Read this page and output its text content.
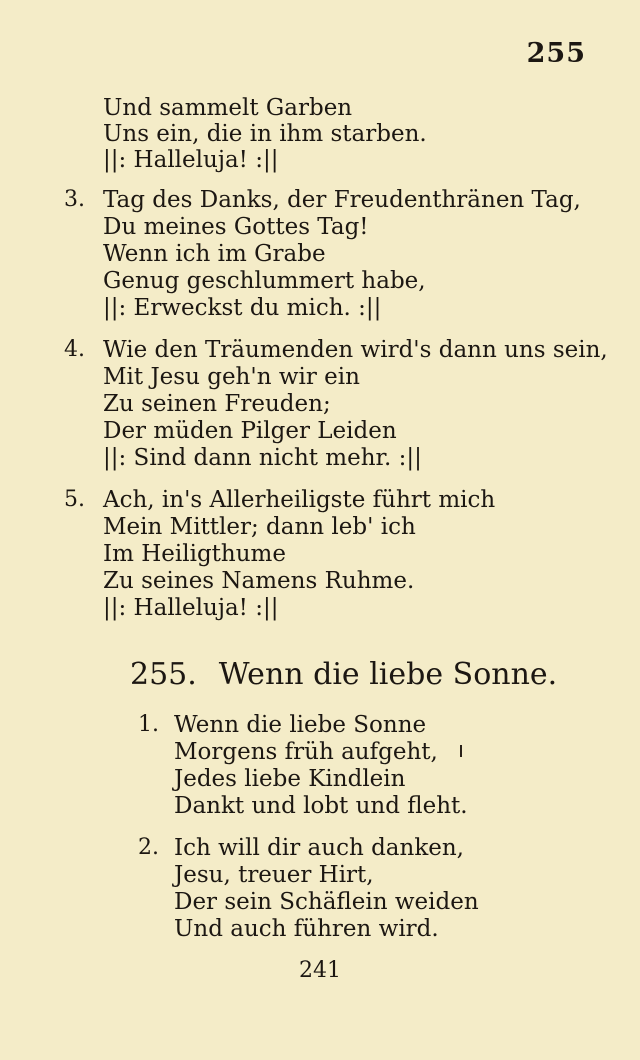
255
Und sammelt Garben
Uns ein, die in ihm starben.
||: Halleluja! :||
3. Tag des Danks, der Freudenthränen Tag,
Du meines Gottes Tag!
Wenn ich im Grabe
Genug geschlummert habe,
||: Erweckst du mich. :||
4. Wie den Träumenden wird's dann uns sein,
Mit Jesu geh'n wir ein
Zu seinen Freuden;
Der müden Pilger Leiden
||: Sind dann nicht mehr. :||
5. Ach, in's Allerheiligste führt mich
Mein Mittler; dann leb' ich
Im Heiligthume
Zu seines Namens Ruhme.
||: Halleluja! :||
255. Wenn die liebe Sonne.
1. Wenn die liebe Sonne
Morgens früh aufgeht,
Jedes liebe Kindlein
Dankt und lobt und fleht.
2. Ich will dir auch danken,
Jesu, treuer Hirt,
Der sein Schäflein weiden
Und auch führen wird.
241
